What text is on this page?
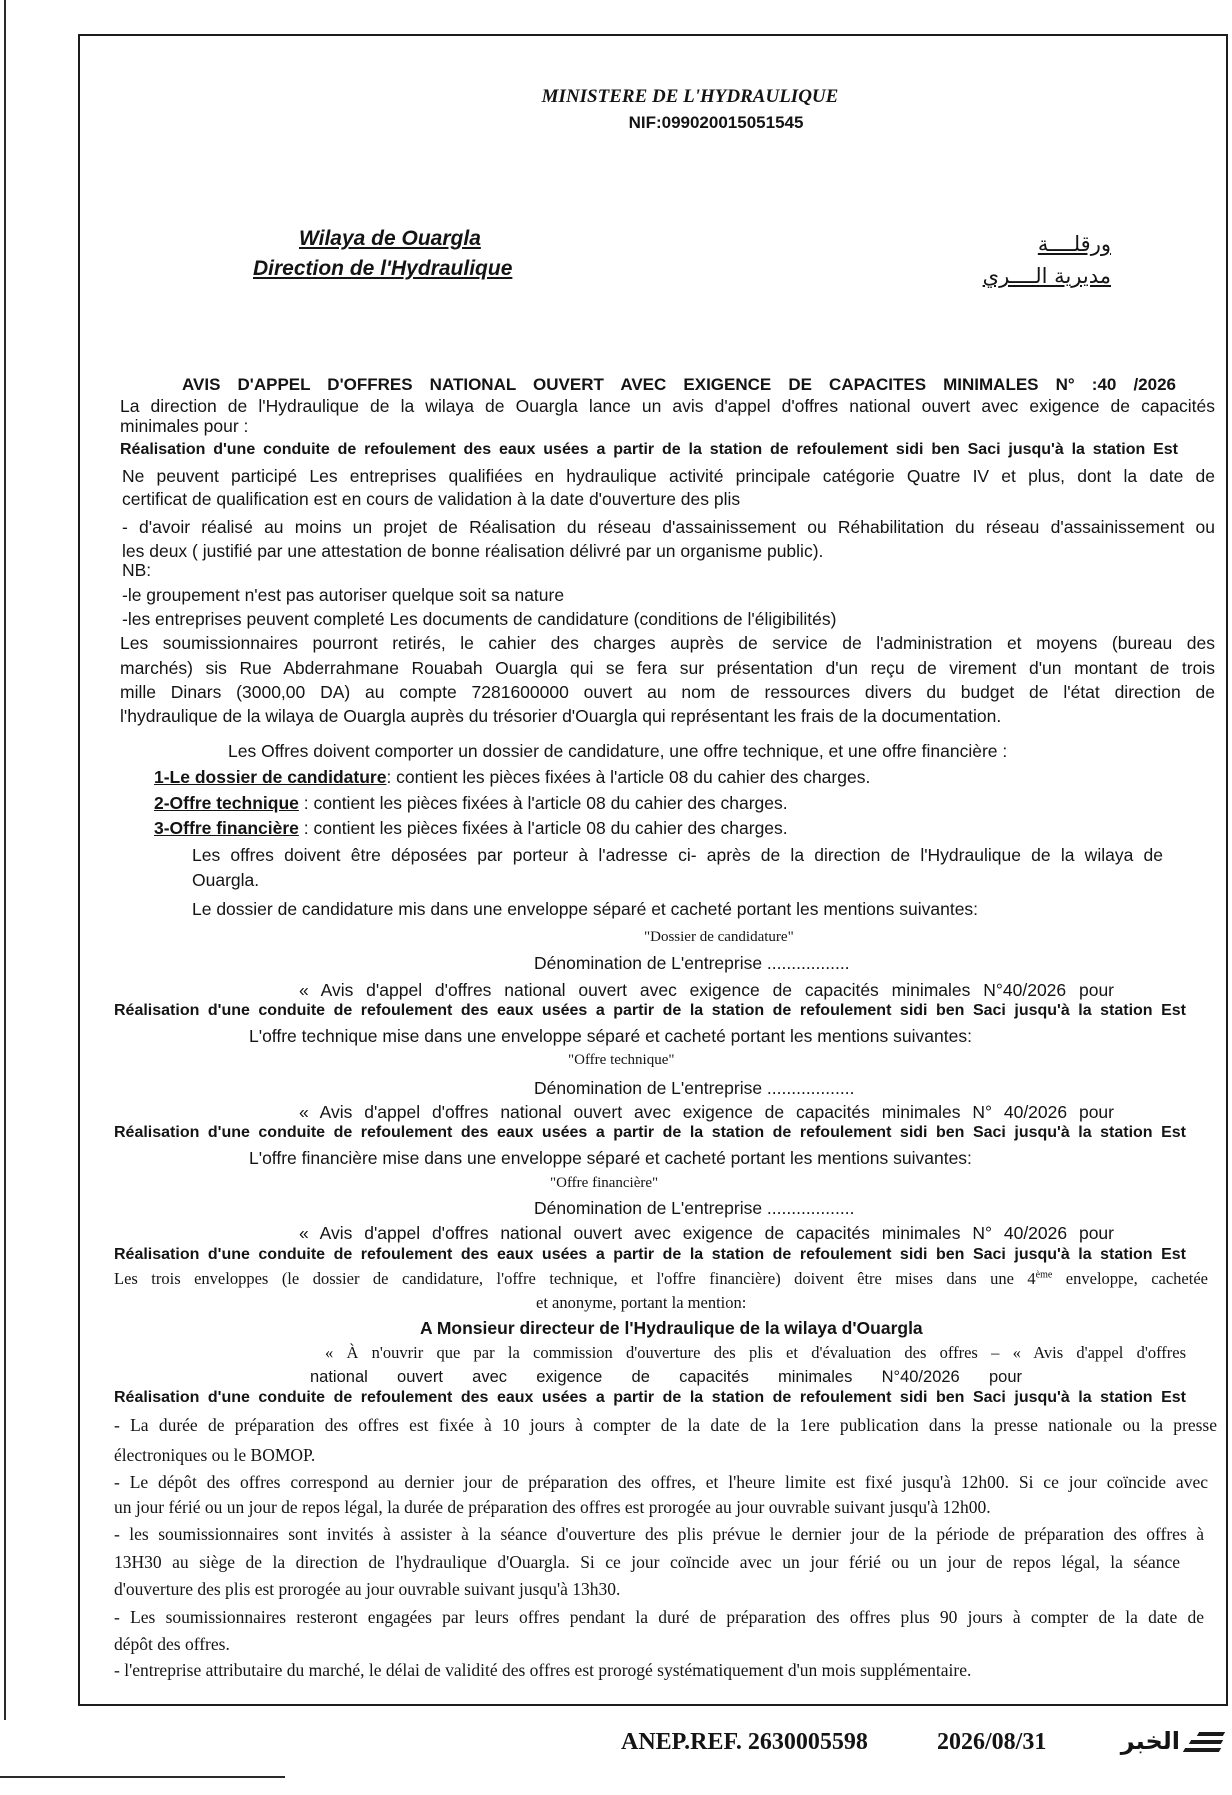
MINISTERE DE L'HYDRAULIQUE
NIF:099020015051545
Wilaya de Ouargla
Direction de l'Hydraulique
ورقلــــة
مديرية الــــري
AVIS D'APPEL D'OFFRES NATIONAL OUVERT AVEC EXIGENCE DE CAPACITES MINIMALES N° :40 /2026
La direction de l'Hydraulique de la wilaya de Ouargla lance un avis d'appel d'offres national ouvert avec exigence de capacités
minimales pour :
Réalisation d'une conduite de refoulement des eaux usées a partir de la station de refoulement sidi ben Saci jusqu'à la station Est
Ne peuvent participé Les entreprises qualifiées en hydraulique activité principale catégorie Quatre IV et plus, dont la date de
certificat de qualification est en cours de validation à la date d'ouverture des plis
- d'avoir réalisé au moins un projet de Réalisation du réseau d'assainissement ou Réhabilitation du réseau d'assainissement ou
les deux ( justifié par une attestation de bonne réalisation délivré par un organisme public).
NB:
-le groupement n'est pas autoriser quelque soit sa nature
-les entreprises peuvent completé Les documents de candidature (conditions de l'éligibilités)
Les soumissionnaires pourront retirés, le cahier des charges auprès de service de l'administration et moyens (bureau des
marchés) sis Rue Abderrahmane Rouabah Ouargla qui se fera sur présentation d'un reçu de virement d'un montant de trois
mille Dinars (3000,00 DA) au compte 7281600000 ouvert au nom de ressources divers du budget de l'état direction de
l'hydraulique de la wilaya de Ouargla auprès du trésorier d'Ouargla qui représentant les frais de la documentation.
Les Offres doivent comporter un dossier de candidature, une offre technique, et une offre financière :
1-Le dossier de candidature: contient les pièces fixées à l'article 08 du cahier des charges.
2-Offre technique : contient les pièces fixées à l'article 08 du cahier des charges.
3-Offre financière : contient les pièces fixées à l'article 08 du cahier des charges.
Les offres doivent être déposées par porteur à l'adresse ci- après de la direction de l'Hydraulique de la wilaya de
Ouargla.
Le dossier de candidature mis dans une enveloppe séparé et cacheté portant les mentions suivantes:
"Dossier de candidature"
Dénomination de L'entreprise .................
« Avis d'appel d'offres national ouvert avec exigence de capacités minimales N°40/2026 pour
Réalisation d'une conduite de refoulement des eaux usées a partir de la station de refoulement sidi ben Saci jusqu'à la station Est
L'offre technique mise dans une enveloppe séparé et cacheté portant les mentions suivantes:
"Offre technique"
Dénomination de L'entreprise ..................
« Avis d'appel d'offres national ouvert avec exigence de capacités minimales N° 40/2026 pour
Réalisation d'une conduite de refoulement des eaux usées a partir de la station de refoulement sidi ben Saci jusqu'à la station Est
L'offre financière mise dans une enveloppe séparé et cacheté portant les mentions suivantes:
"Offre financière"
Dénomination de L'entreprise ..................
« Avis d'appel d'offres national ouvert avec exigence de capacités minimales N° 40/2026 pour
Réalisation d'une conduite de refoulement des eaux usées a partir de la station de refoulement sidi ben Saci jusqu'à la station Est
Les trois enveloppes (le dossier de candidature, l'offre technique, et l'offre financière) doivent être mises dans une 4ème enveloppe, cachetée
et anonyme, portant la mention:
A Monsieur directeur de l'Hydraulique de la wilaya d'Ouargla
« À n'ouvrir que par la commission d'ouverture des plis et d'évaluation des offres – « Avis d'appel d'offres
national ouvert avec exigence de capacités minimales N°40/2026 pour
Réalisation d'une conduite de refoulement des eaux usées a partir de la station de refoulement sidi ben Saci jusqu'à la station Est
- La durée de préparation des offres est fixée à 10 jours à compter de la date de la 1ere publication dans la presse nationale ou la presse
électroniques ou le BOMOP.
- Le dépôt des offres correspond au dernier jour de préparation des offres, et l'heure limite est fixé jusqu'à 12h00. Si ce jour coïncide avec
un jour férié ou un jour de repos légal, la durée de préparation des offres est prorogée au jour ouvrable suivant jusqu'à 12h00.
- les soumissionnaires sont invités à assister à la séance d'ouverture des plis prévue le dernier jour de la période de préparation des offres à
13H30 au siège de la direction de l'hydraulique d'Ouargla. Si ce jour coïncide avec un jour férié ou un jour de repos légal, la séance
d'ouverture des plis est prorogée au jour ouvrable suivant jusqu'à 13h30.
- Les soumissionnaires resteront engagées par leurs offres pendant la duré de préparation des offres plus 90 jours à compter de la date de
dépôt des offres.
- l'entreprise attributaire du marché, le délai de validité des offres est prorogé systématiquement d'un mois supplémentaire.
ANEP.REF. 2630005598	2026/08/31	الخبر
